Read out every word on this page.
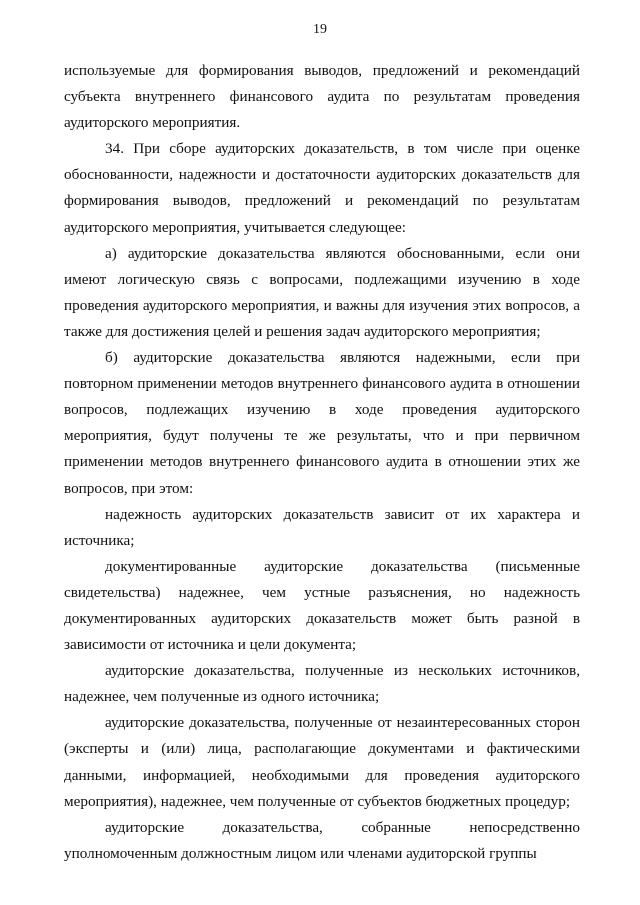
19

используемые для формирования выводов, предложений и рекомендаций субъекта внутреннего финансового аудита по результатам проведения аудиторского мероприятия.

34. При сборе аудиторских доказательств, в том числе при оценке обоснованности, надежности и достаточности аудиторских доказательств для формирования выводов, предложений и рекомендаций по результатам аудиторского мероприятия, учитывается следующее:

а) аудиторские доказательства являются обоснованными, если они имеют логическую связь с вопросами, подлежащими изучению в ходе проведения аудиторского мероприятия, и важны для изучения этих вопросов, а также для достижения целей и решения задач аудиторского мероприятия;

б) аудиторские доказательства являются надежными, если при повторном применении методов внутреннего финансового аудита в отношении вопросов, подлежащих изучению в ходе проведения аудиторского мероприятия, будут получены те же результаты, что и при первичном применении методов внутреннего финансового аудита в отношении этих же вопросов, при этом:

надежность аудиторских доказательств зависит от их характера и источника;

документированные аудиторские доказательства (письменные свидетельства) надежнее, чем устные разъяснения, но надежность документированных аудиторских доказательств может быть разной в зависимости от источника и цели документа;

аудиторские доказательства, полученные из нескольких источников, надежнее, чем полученные из одного источника;

аудиторские доказательства, полученные от незаинтересованных сторон (эксперты и (или) лица, располагающие документами и фактическими данными, информацией, необходимыми для проведения аудиторского мероприятия), надежнее, чем полученные от субъектов бюджетных процедур;

аудиторские доказательства, собранные непосредственно уполномоченным должностным лицом или членами аудиторской группы
